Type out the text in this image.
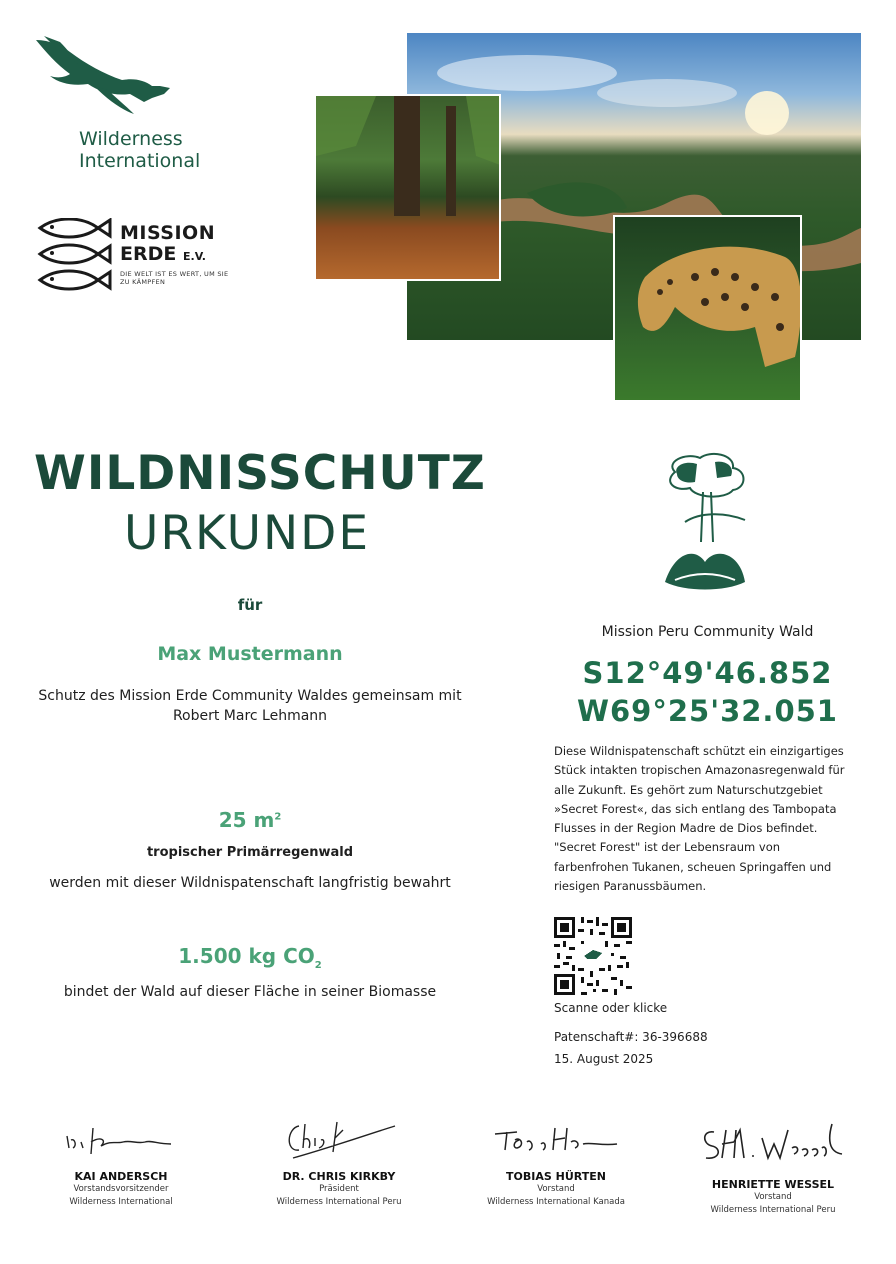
Wilderness
International
MISSION
ERDE E.V.
DIE WELT IST ES WERT, UM SIE ZU KÄMPFEN
WILDNISSCHUTZ
URKUNDE
für
Max Mustermann
Schutz des Mission Erde Community Waldes gemeinsam mit Robert Marc Lehmann
25 $m^2$
tropischer Primärregenwald
werden mit dieser Wildnispatenschaft langfristig bewahrt
1.500 kg $CO_2$
bindet der Wald auf dieser Fläche in seiner Biomasse
Mission Peru Community Wald
S12°49'46.852
W69°25'32.051
Diese Wildnispatenschaft schützt ein einzigartiges Stück intakten tropischen Amazonasregenwald für alle Zukunft. Es gehört zum Naturschutzgebiet »Secret Forest«, das sich entlang des Tambopata Flusses in der Region Madre de Dios befindet. "Secret Forest" ist der Lebensraum von farbenfrohen Tukanen, scheuen Springaffen und riesigen Paranussbäumen.
Scanne oder klicke
Patenschaft#: 36-396688
15. August 2025
KAI ANDERSCH
Vorstandsvorsitzender
Wilderness International
DR. CHRIS KIRKBY
Präsident
Wilderness International Peru
TOBIAS HÜRTEN
Vorstand
Wilderness International Kanada
HENRIETTE WESSEL
Vorstand
Wilderness International Peru
